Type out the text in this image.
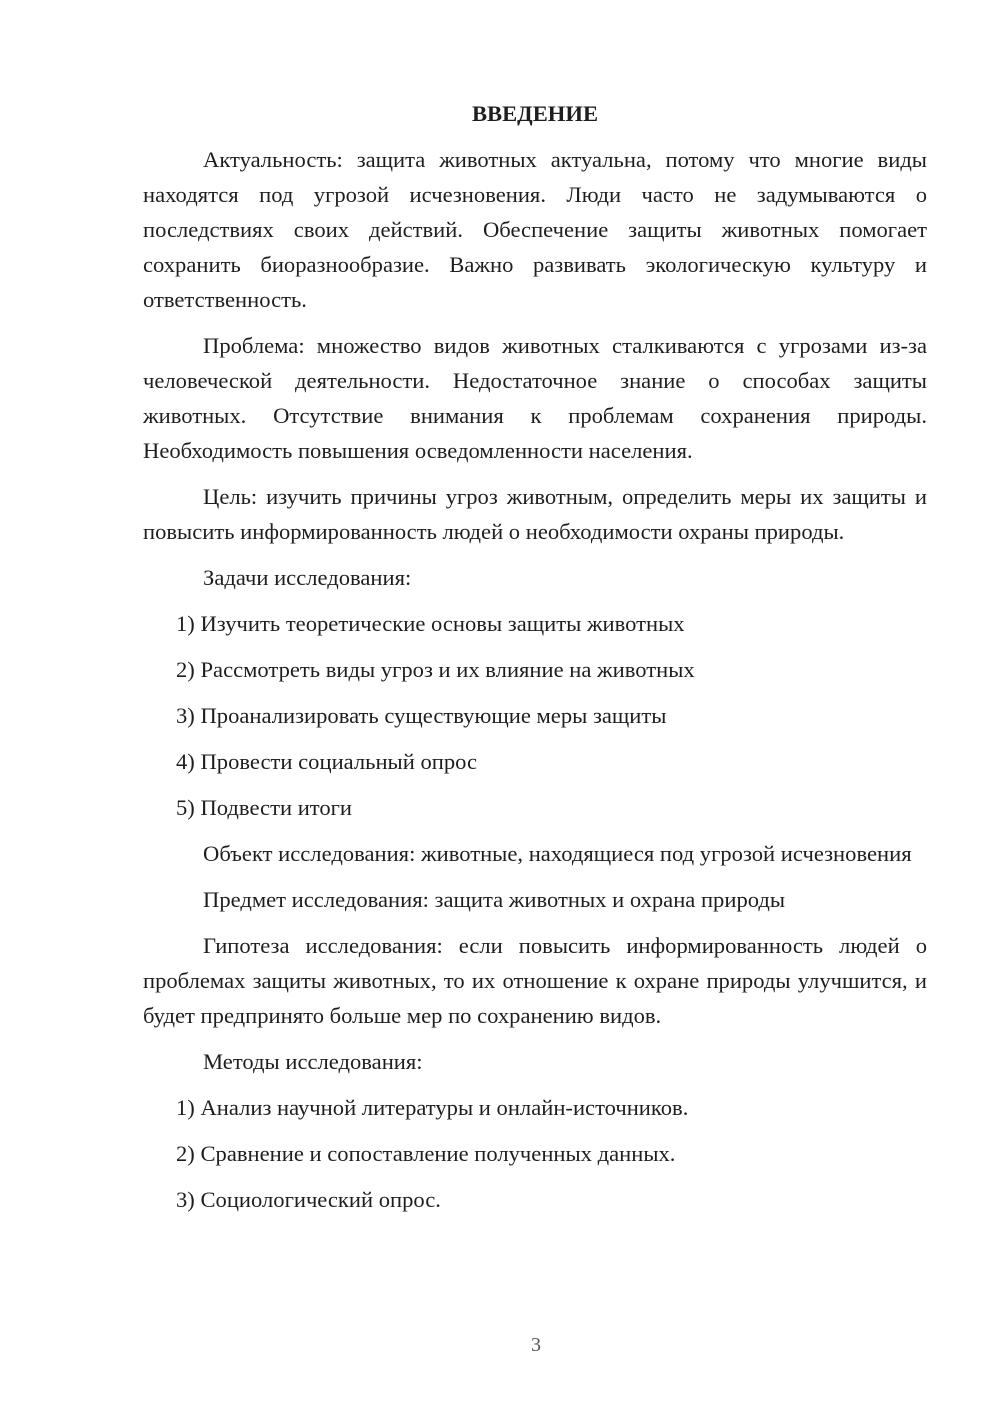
ВВЕДЕНИЕ

Актуальность: защита животных актуальна, потому что многие виды находятся под угрозой исчезновения. Люди часто не задумываются о последствиях своих действий. Обеспечение защиты животных помогает сохранить биоразнообразие. Важно развивать экологическую культуру и ответственность.

Проблема: множество видов животных сталкиваются с угрозами из-за человеческой деятельности. Недостаточное знание о способах защиты животных. Отсутствие внимания к проблемам сохранения природы. Необходимость повышения осведомленности населения.

Цель: изучить причины угроз животным, определить меры их защиты и повысить информированность людей о необходимости охраны природы.

Задачи исследования:
1) Изучить теоретические основы защиты животных
2) Рассмотреть виды угроз и их влияние на животных
3) Проанализировать существующие меры защиты
4) Провести социальный опрос
5) Подвести итоги

Объект исследования: животные, находящиеся под угрозой исчезновения

Предмет исследования: защита животных и охрана природы

Гипотеза исследования: если повысить информированность людей о проблемах защиты животных, то их отношение к охране природы улучшится, и будет предпринято больше мер по сохранению видов.

Методы исследования:
1) Анализ научной литературы и онлайн-источников.
2) Сравнение и сопоставление полученных данных.
3) Социологический опрос.
3
